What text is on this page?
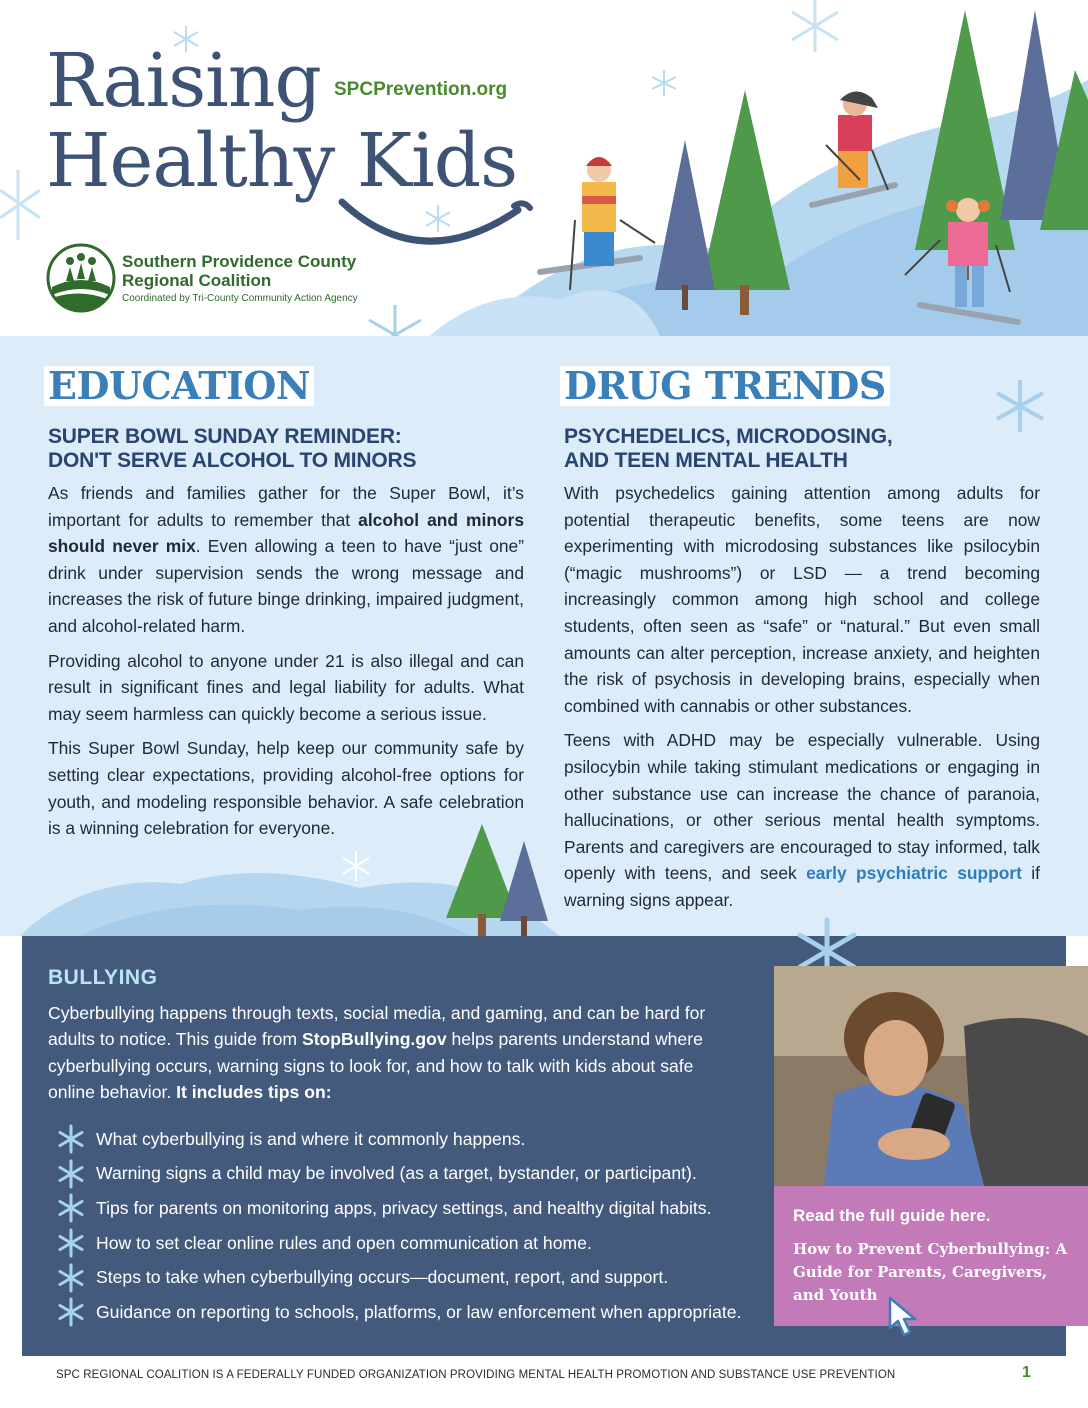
Raising
Healthy Kids
SPCPrevention.org
Southern Providence County
Regional Coalition
Coordinated by Tri-County Community Action Agency
EDUCATION
SUPER BOWL SUNDAY REMINDER:
DON'T SERVE ALCOHOL TO MINORS

As friends and families gather for the Super Bowl, it’s important for adults to remember that alcohol and minors should never mix. Even allowing a teen to have “just one” drink under supervision sends the wrong message and increases the risk of future binge drinking, impaired judgment, and alcohol-related harm.

Providing alcohol to anyone under 21 is also illegal and can result in significant fines and legal liability for adults. What may seem harmless can quickly become a serious issue.

This Super Bowl Sunday, help keep our community safe by setting clear expectations, providing alcohol-free options for youth, and modeling responsible behavior. A safe celebration is a winning celebration for everyone.

DRUG TRENDS
PSYCHEDELICS, MICRODOSING,
AND TEEN MENTAL HEALTH

With psychedelics gaining attention among adults for potential therapeutic benefits, some teens are now experimenting with microdosing substances like psilocybin (“magic mushrooms”) or LSD — a trend becoming increasingly common among high school and college students, often seen as “safe” or “natural.” But even small amounts can alter perception, increase anxiety, and heighten the risk of psychosis in developing brains, especially when combined with cannabis or other substances.

Teens with ADHD may be especially vulnerable. Using psilocybin while taking stimulant medications or engaging in other substance use can increase the chance of paranoia, hallucinations, or other serious mental health symptoms. Parents and caregivers are encouraged to stay informed, talk openly with teens, and seek early psychiatric support if warning signs appear.

BULLYING
Cyberbullying happens through texts, social media, and gaming, and can be hard for adults to notice. This guide from StopBullying.gov helps parents understand where cyberbullying occurs, warning signs to look for, and how to talk with kids about safe online behavior. It includes tips on:
What cyberbullying is and where it commonly happens.
Warning signs a child may be involved (as a target, bystander, or participant).
Tips for parents on monitoring apps, privacy settings, and healthy digital habits.
How to set clear online rules and open communication at home.
Steps to take when cyberbullying occurs—document, report, and support.
Guidance on reporting to schools, platforms, or law enforcement when appropriate.
Read the full guide here.
How to Prevent Cyberbullying: A Guide for Parents, Caregivers, and Youth
SPC REGIONAL COALITION IS A FEDERALLY FUNDED ORGANIZATION PROVIDING MENTAL HEALTH PROMOTION AND SUBSTANCE USE PREVENTION	1
